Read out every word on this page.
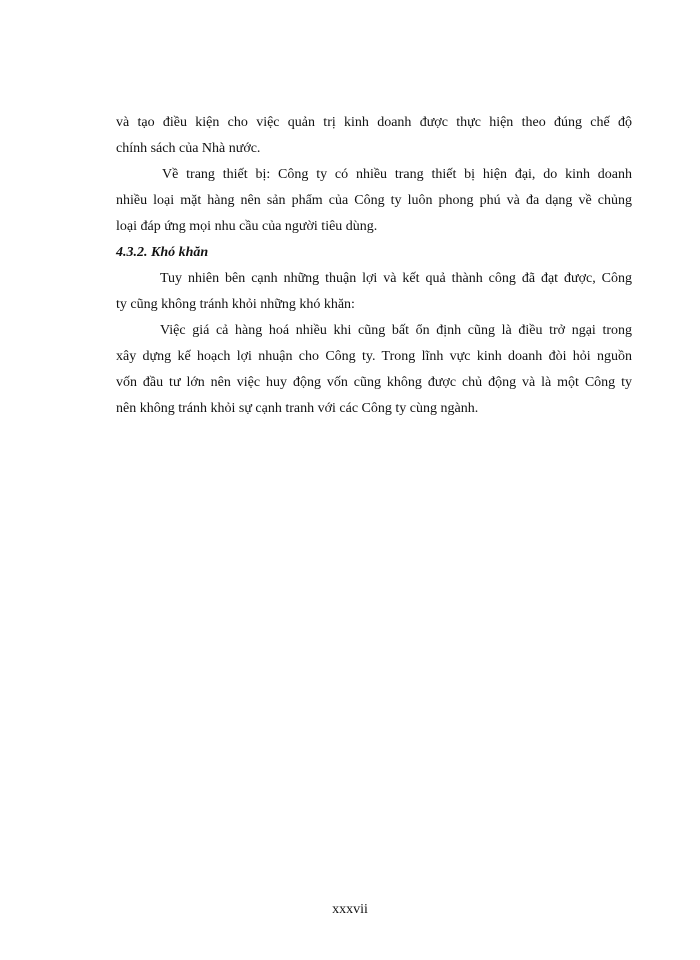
và tạo điều kiện cho việc quản trị kinh doanh được thực hiện theo đúng chế độ
chính sách của Nhà nước.
Về trang thiết bị: Công ty có nhiều trang thiết bị hiện đại, do kinh doanh
nhiều loại mặt hàng nên sản phẩm của Công ty luôn phong phú và đa dạng về chủng
loại đáp ứng mọi nhu cầu của người tiêu dùng.
4.3.2. Khó khăn
Tuy nhiên bên cạnh những thuận lợi và kết quả thành công đã đạt được, Công
ty cũng không tránh khỏi những khó khăn:
Việc giá cả hàng hoá nhiều khi cũng bất ổn định cũng là điều trở ngại trong
xây dựng kế hoạch lợi nhuận cho Công ty. Trong lĩnh vực kinh doanh đòi hỏi nguồn
vốn đầu tư lớn nên việc huy động vốn cũng không được chủ động và là một Công ty
nên không tránh khỏi sự cạnh tranh với các Công ty cùng ngành.
xxxvii
